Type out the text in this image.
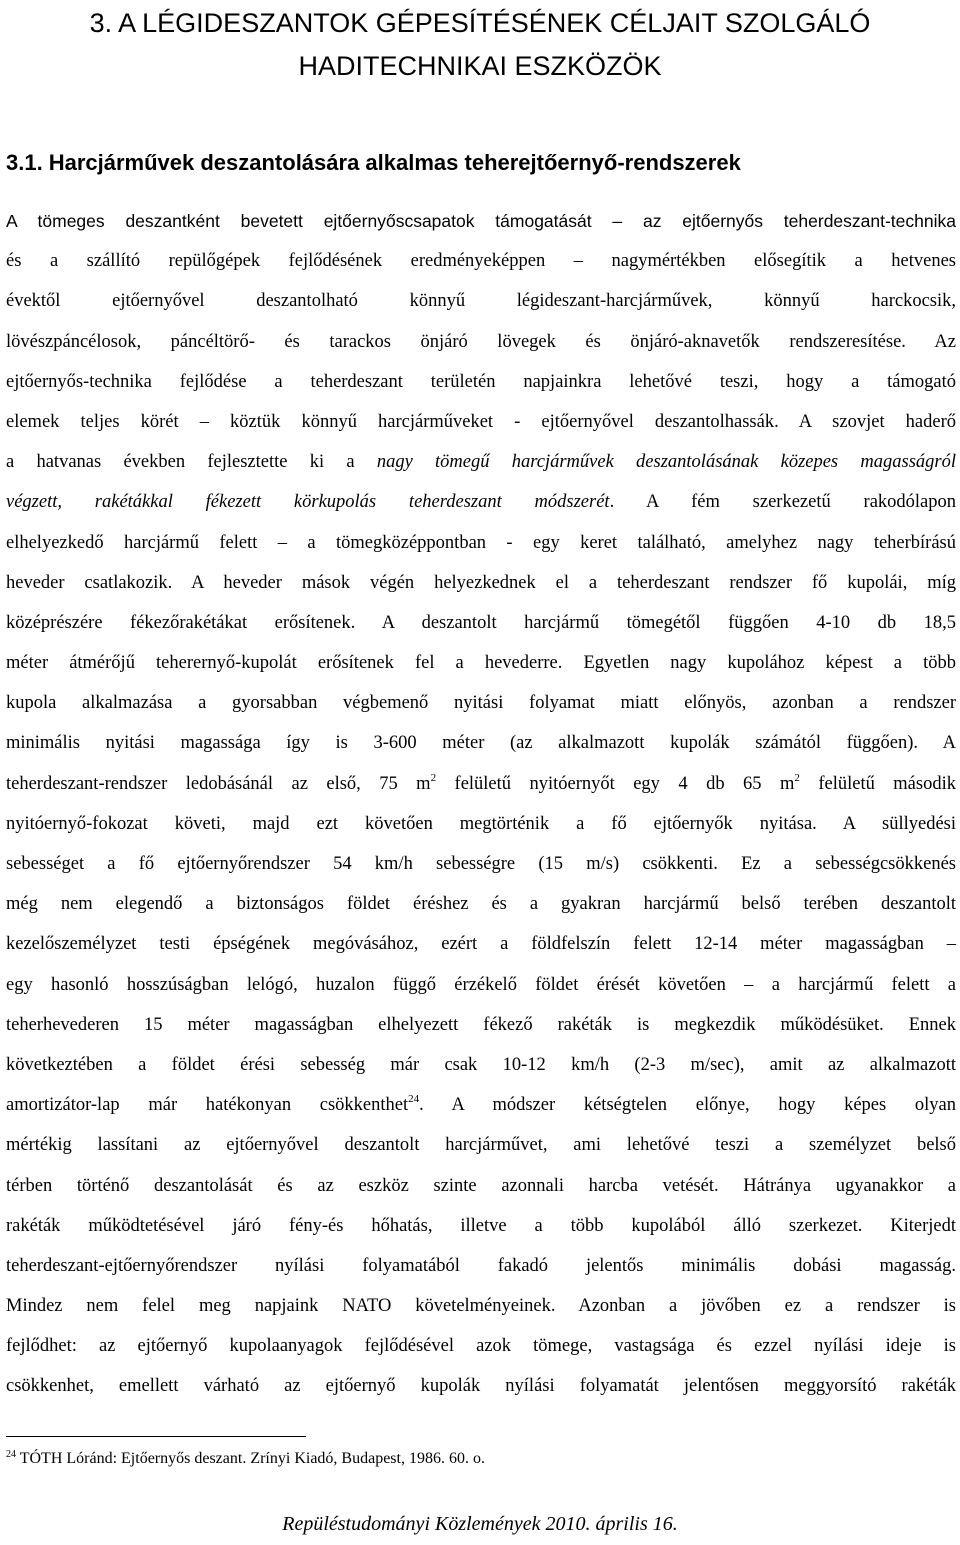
3. A LÉGIDESZANTOK GÉPESÍTÉSÉNEK CÉLJAIT SZOLGÁLÓ
HADITECHNIKAI ESZKÖZÖK
3.1. Harcjárművek deszantolására alkalmas teherejtőernyő-rendszerek
A tömeges deszantként bevetett ejtőernyőscsapatok támogatását – az ejtőernyős teherdeszant-technika
és a szállító repülőgépek fejlődésének eredményeképpen – nagymértékben elősegítik a hetvenes
évektől ejtőernyővel deszantolható könnyű légideszant-harcjárművek, könnyű harckocsik,
lövészpáncélosok, páncéltörő- és tarackos önjáró lövegek és önjáró-aknavetők rendszeresítése. Az
ejtőernyős-technika fejlődése a teherdeszant területén napjainkra lehetővé teszi, hogy a támogató
elemek teljes körét – köztük könnyű harcjárműveket - ejtőernyővel deszantolhassák. A szovjet haderő
a hatvanas években fejlesztette ki a nagy tömegű harcjárművek deszantolásának közepes magasságról
végzett, rakétákkal fékezett körkupolás teherdeszant módszerét. A fém szerkezetű rakodólapon
elhelyezkedő harcjármű felett – a tömegközéppontban - egy keret található, amelyhez nagy teherbírású
heveder csatlakozik. A heveder mások végén helyezkednek el a teherdeszant rendszer fő kupolái, míg
középrészére fékezőrakétákat erősítenek. A deszantolt harcjármű tömegétől függően 4-10 db 18,5
méter átmérőjű teherernyő-kupolát erősítenek fel a hevederre. Egyetlen nagy kupolához képest a több
kupola alkalmazása a gyorsabban végbemenő nyitási folyamat miatt előnyös, azonban a rendszer
minimális nyitási magassága így is 3-600 méter (az alkalmazott kupolák számától függően). A
teherdeszant-rendszer ledobásánál az első, 75 $m^2$ felületű nyitóernyőt egy 4 db 65 $m^2$ felületű második
nyitóernyő-fokozat követi, majd ezt követően megtörténik a fő ejtőernyők nyitása. A süllyedési
sebességet a fő ejtőernyőrendszer 54 km/h sebességre (15 m/s) csökkenti. Ez a sebességcsökkenés
még nem elegendő a biztonságos földet éréshez és a gyakran harcjármű belső terében deszantolt
kezelőszemélyzet testi épségének megóvásához, ezért a földfelszín felett 12-14 méter magasságban –
egy hasonló hosszúságban lelógó, huzalon függő érzékelő földet érését követően – a harcjármű felett a
teherhevederen 15 méter magasságban elhelyezett fékező rakéták is megkezdik működésüket. Ennek
következtében a földet érési sebesség már csak 10-12 km/h (2-3 m/sec), amit az alkalmazott
amortizátor-lap már hatékonyan csökkenthet$^{24}$. A módszer kétségtelen előnye, hogy képes olyan
mértékig lassítani az ejtőernyővel deszantolt harcjárművet, ami lehetővé teszi a személyzet belső
térben történő deszantolását és az eszköz szinte azonnali harcba vetését. Hátránya ugyanakkor a
rakéták működtetésével járó fény-és hőhatás, illetve a több kupolából álló szerkezet. Kiterjedt
teherdeszant-ejtőernyőrendszer nyílási folyamatából fakadó jelentős minimális dobási magasság.
Mindez nem felel meg napjaink NATO követelményeinek. Azonban a jövőben ez a rendszer is
fejlődhet: az ejtőernyő kupolaanyagok fejlődésével azok tömege, vastagsága és ezzel nyílási ideje is
csökkenhet, emellett várható az ejtőernyő kupolák nyílási folyamatát jelentősen meggyorsító rakéták
$^{24}$ TÓTH Lóránd: Ejtőernyős deszant. Zrínyi Kiadó, Budapest, 1986. 60. o.
Repüléstudományi Közlemények 2010. április 16.
